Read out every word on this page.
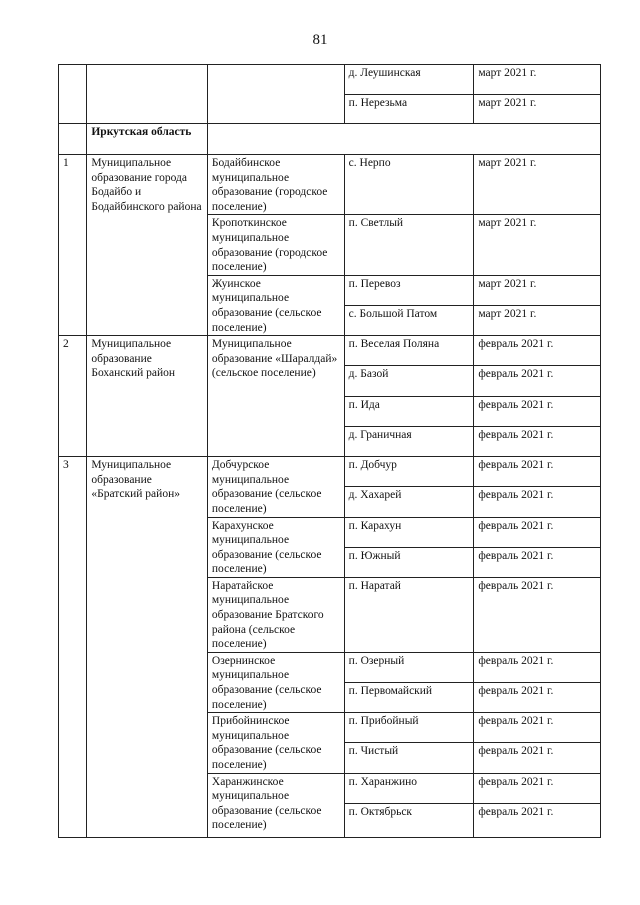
81
			д. Леушинская	март 2021 г.
			п. Нерезьма	март 2021 г.
	Иркутская область			
1	Муниципальное образование города Бодайбо и Бодайбинского района	Бодайбинское муниципальное образование (городское поселение)	с. Нерпо	март 2021 г.
		Кропоткинское муниципальное образование (городское поселение)	п. Светлый	март 2021 г.
		Жуинское муниципальное образование (сельское поселение)	п. Перевоз	март 2021 г.
			с. Большой Патом	март 2021 г.
2	Муниципальное образование Боханский район	Муниципальное образование «Шаралдай» (сельское поселение)	п. Веселая Поляна	февраль 2021 г.
			д. Базой	февраль 2021 г.
			п. Ида	февраль 2021 г.
			д. Граничная	февраль 2021 г.
3	Муниципальное образование «Братский район»	Добчурское муниципальное образование (сельское поселение)	п. Добчур	февраль 2021 г.
			д. Хахарей	февраль 2021 г.
		Карахунское муниципальное образование (сельское поселение)	п. Карахун	февраль 2021 г.
			п. Южный	февраль 2021 г.
		Наратайское муниципальное образование Братского района (сельское поселение)	п. Наратай	февраль 2021 г.
		Озернинское муниципальное образование (сельское поселение)	п. Озерный	февраль 2021 г.
			п. Первомайский	февраль 2021 г.
		Прибойнинское муниципальное образование (сельское поселение)	п. Прибойный	февраль 2021 г.
			п. Чистый	февраль 2021 г.
		Харанжинское муниципальное образование (сельское поселение)	п. Харанжино	февраль 2021 г.
			п. Октябрьск	февраль 2021 г.
